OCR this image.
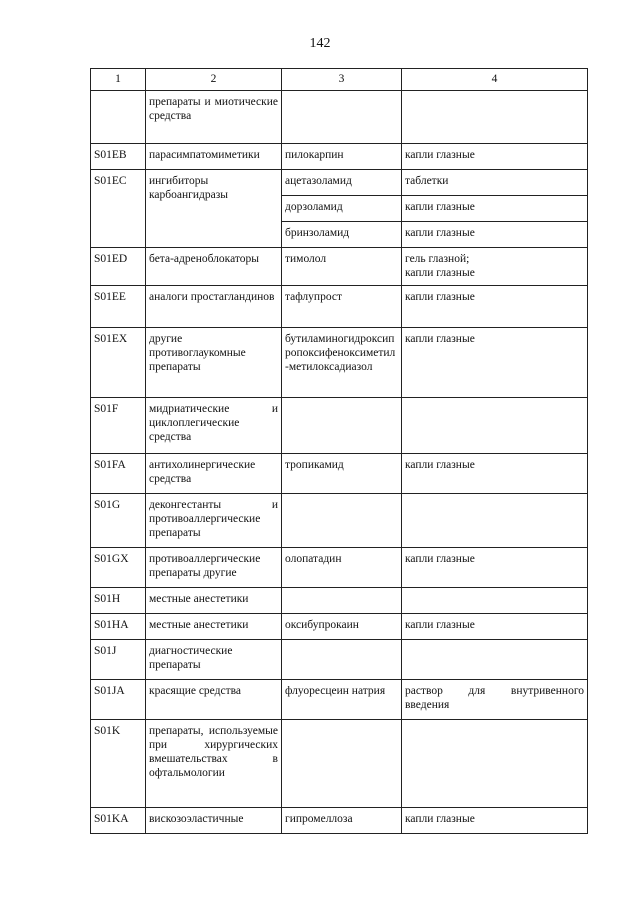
142
1	2	3	4
	препараты и миотические средства		
S01EB	парасимпатомиметики	пилокарпин	капли глазные
S01EC	ингибиторы карбоангидразы	ацетазоламид	таблетки
		дорзоламид	капли глазные
		бринзоламид	капли глазные
S01ED	бета-адреноблокаторы	тимолол	гель глазной;
капли глазные

S01EE	аналоги простагландинов	тафлупрост	капли глазные
S01EX	другие противоглаукомные препараты	бутиламиногидроксипропоксифеноксиметил-метилоксадиазол	капли глазные
S01F	мидриатические и циклоплегические средства		
S01FA	антихолинергические средства	тропикамид	капли глазные
S01G	деконгестанты и противоаллергические препараты		
S01GX	противоаллергические препараты другие	олопатадин	капли глазные
S01H	местные анестетики		
S01HA	местные анестетики	оксибупрокаин	капли глазные
S01J	диагностические препараты		
S01JA	красящие средства	флуоресцеин натрия	раствор для внутривенного введения
S01K	препараты, используемые при хирургических вмешательствах в офтальмологии		
S01KA	вискозоэластичные	гипромеллоза	капли глазные
